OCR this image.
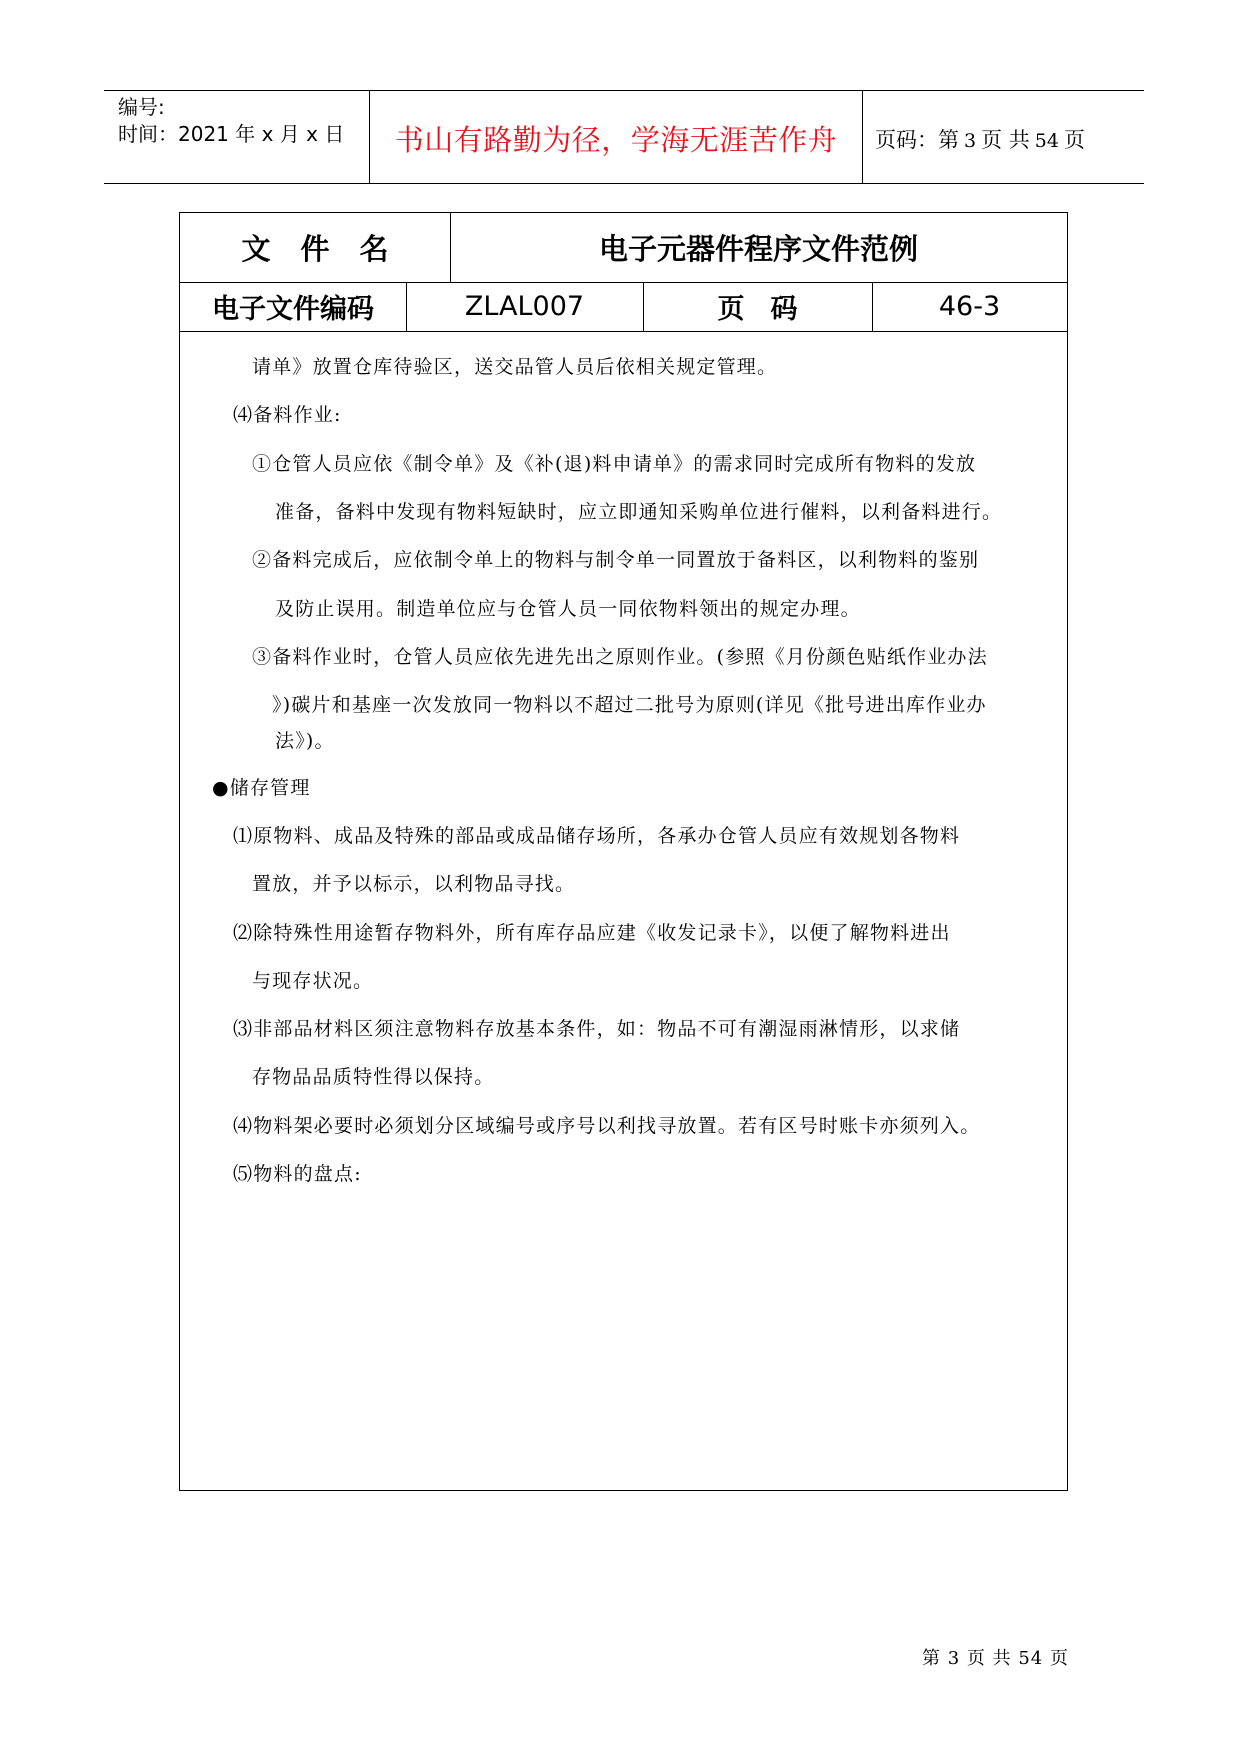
编号:
时间：2021 年 x 月 x 日	书山有路勤为径，学海无涯苦作舟	页码：第 3 页 共 54 页
文件名	电子元器件程序文件范例
电子文件编码	ZLAL007	页码	46-3
请单》放置仓库待验区，送交品管人员后依相关规定管理。
⑷备料作业:
①仓管人员应依《制令单》及《补(退)料申请单》的需求同时完成所有物料的发放
准备，备料中发现有物料短缺时，应立即通知采购单位进行催料，以利备料进行。
②备料完成后，应依制令单上的物料与制令单一同置放于备料区，以利物料的鉴别
及防止误用。制造单位应与仓管人员一同依物料领出的规定办理。
③备料作业时，仓管人员应依先进先出之原则作业。(参照《月份颜色贴纸作业办法
》)碳片和基座一次发放同一物料以不超过二批号为原则(详见《批号进出库作业办
法》)。
●储存管理
⑴原物料、成品及特殊的部品或成品储存场所，各承办仓管人员应有效规划各物料
置放，并予以标示，以利物品寻找。
⑵除特殊性用途暂存物料外，所有库存品应建《收发记录卡》，以便了解物料进出
与现存状况。
⑶非部品材料区须注意物料存放基本条件，如：物品不可有潮湿雨淋情形，以求储
存物品品质特性得以保持。
⑷物料架必要时必须划分区域编号或序号以利找寻放置。若有区号时账卡亦须列入。
⑸物料的盘点:
第 3 页 共 54 页
